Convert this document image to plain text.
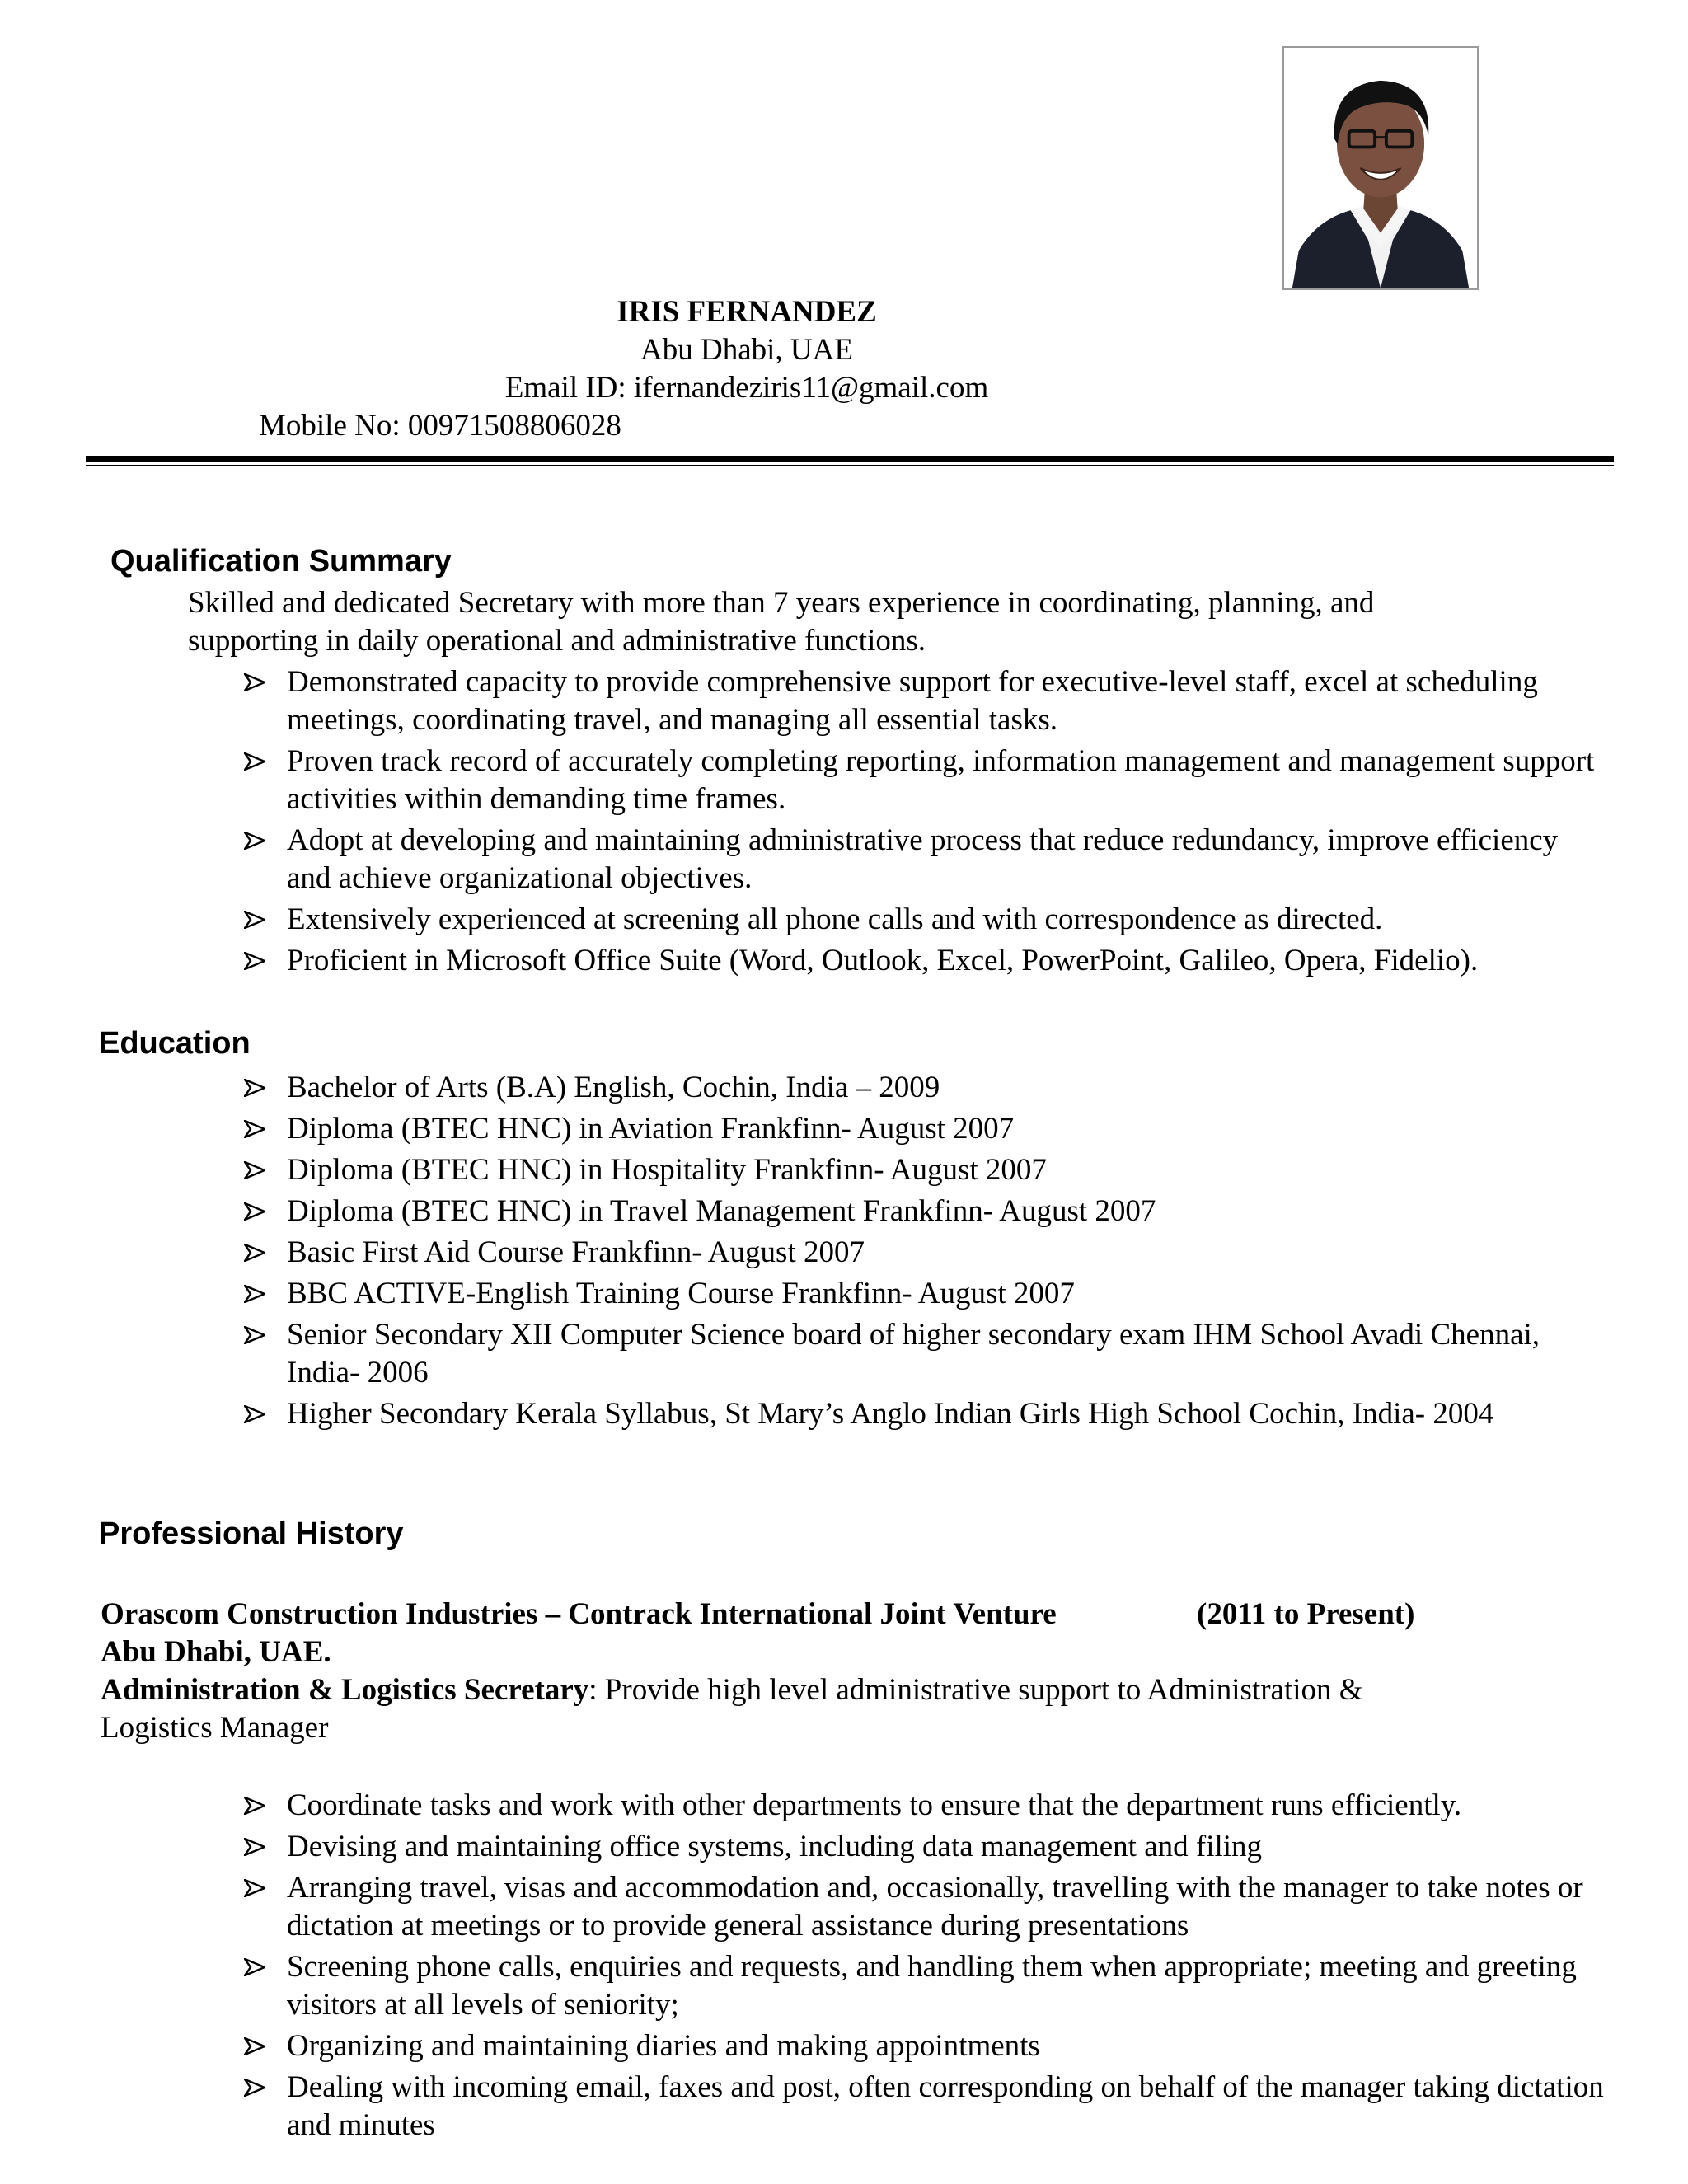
IRIS FERNANDEZ
Abu Dhabi, UAE
Email ID: ifernandeziris11@gmail.com
Mobile No: 00971508806028
Qualification Summary
Skilled and dedicated Secretary with more than 7 years experience in coordinating, planning, and
supporting in daily operational and administrative functions.
Demonstrated capacity to provide comprehensive support for executive-level staff, excel at scheduling meetings, coordinating travel, and managing all essential tasks.
Proven track record of accurately completing reporting, information management and management support activities within demanding time frames.
Adopt at developing and maintaining administrative process that reduce redundancy, improve efficiency and achieve organizational objectives.
Extensively experienced at screening all phone calls and with correspondence as directed.
Proficient in Microsoft Office Suite (Word, Outlook, Excel, PowerPoint, Galileo, Opera, Fidelio).
Education
Bachelor of Arts (B.A) English, Cochin, India – 2009
Diploma (BTEC HNC) in Aviation Frankfinn- August 2007
Diploma (BTEC HNC) in Hospitality Frankfinn- August 2007
Diploma (BTEC HNC) in Travel Management Frankfinn- August 2007
Basic First Aid Course Frankfinn- August 2007
BBC ACTIVE-English Training Course Frankfinn- August 2007
Senior Secondary XII Computer Science board of higher secondary exam IHM School Avadi Chennai, India- 2006
Higher Secondary Kerala Syllabus, St Mary’s Anglo Indian Girls High School Cochin, India- 2004
Professional History
Orascom Construction Industries – Contrack International Joint Venture	(2011 to Present)
Abu Dhabi, UAE.
Administration & Logistics Secretary: Provide high level administrative support to Administration &
Logistics Manager
Coordinate tasks and work with other departments to ensure that the department runs efficiently.
Devising and maintaining office systems, including data management and filing
Arranging travel, visas and accommodation and, occasionally, travelling with the manager to take notes or dictation at meetings or to provide general assistance during presentations
Screening phone calls, enquiries and requests, and handling them when appropriate; meeting and greeting visitors at all levels of seniority;
Organizing and maintaining diaries and making appointments
Dealing with incoming email, faxes and post, often corresponding on behalf of the manager taking dictation and minutes
